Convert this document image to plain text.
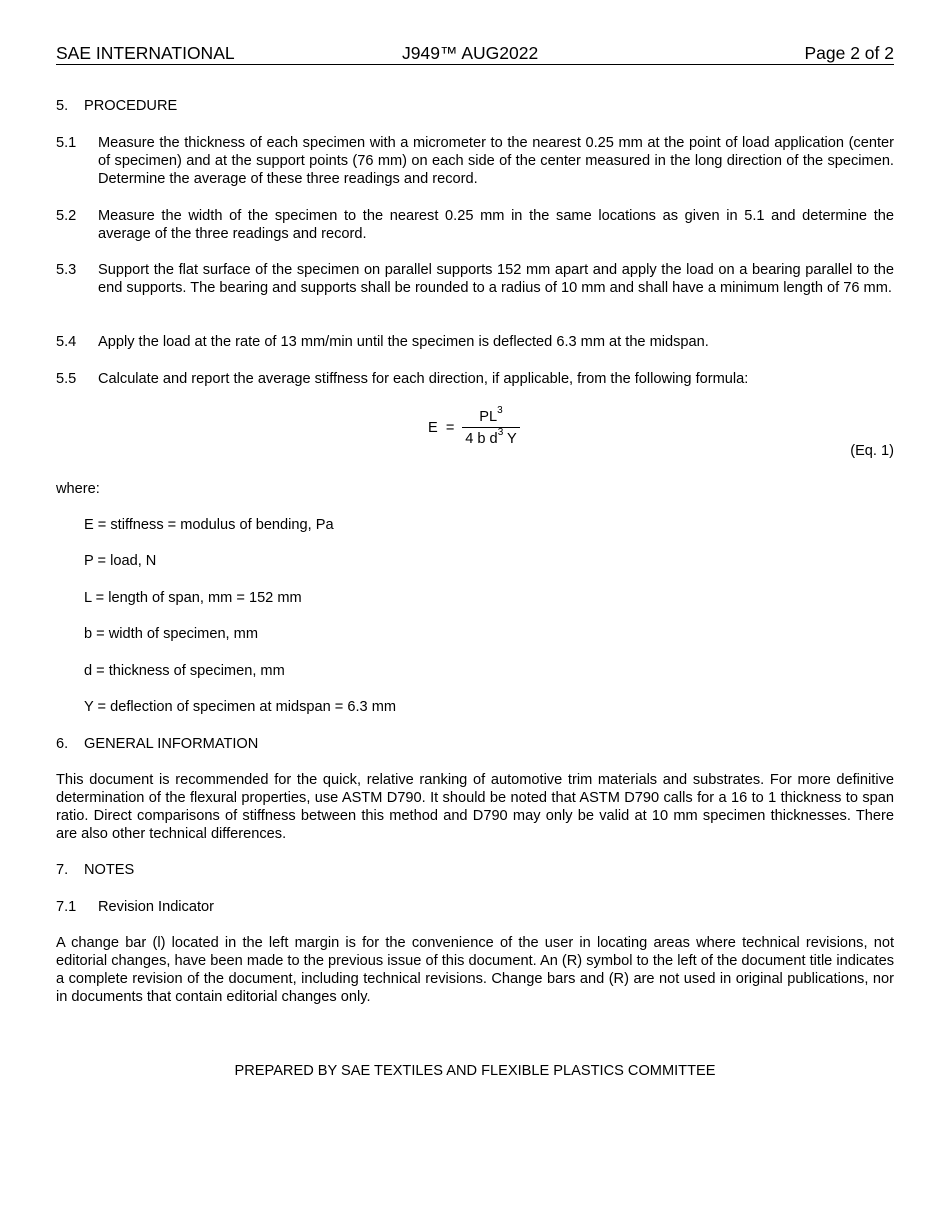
SAE INTERNATIONAL	J949™ AUG2022	Page 2 of 2
5. PROCEDURE
5.1 Measure the thickness of each specimen with a micrometer to the nearest 0.25 mm at the point of load application (center of specimen) and at the support points (76 mm) on each side of the center measured in the long direction of the specimen. Determine the average of these three readings and record.
5.2 Measure the width of the specimen to the nearest 0.25 mm in the same locations as given in 5.1 and determine the average of the three readings and record.
5.3 Support the flat surface of the specimen on parallel supports 152 mm apart and apply the load on a bearing parallel to the end supports. The bearing and supports shall be rounded to a radius of 10 mm and shall have a minimum length of 76 mm.
5.4 Apply the load at the rate of 13 mm/min until the specimen is deflected 6.3 mm at the midspan.
5.5 Calculate and report the average stiffness for each direction, if applicable, from the following formula:
$E = \frac{PL^3}{4 b d^3 Y}$
(Eq. 1)
where:
E = stiffness = modulus of bending, Pa
P = load, N
L = length of span, mm = 152 mm
b = width of specimen, mm
d = thickness of specimen, mm
Y = deflection of specimen at midspan = 6.3 mm
6. GENERAL INFORMATION
This document is recommended for the quick, relative ranking of automotive trim materials and substrates. For more definitive determination of the flexural properties, use ASTM D790. It should be noted that ASTM D790 calls for a 16 to 1 thickness to span ratio. Direct comparisons of stiffness between this method and D790 may only be valid at 10 mm specimen thicknesses. There are also other technical differences.
7. NOTES
7.1 Revision Indicator
A change bar (l) located in the left margin is for the convenience of the user in locating areas where technical revisions, not editorial changes, have been made to the previous issue of this document. An (R) symbol to the left of the document title indicates a complete revision of the document, including technical revisions. Change bars and (R) are not used in original publications, nor in documents that contain editorial changes only.
PREPARED BY SAE TEXTILES AND FLEXIBLE PLASTICS COMMITTEE
